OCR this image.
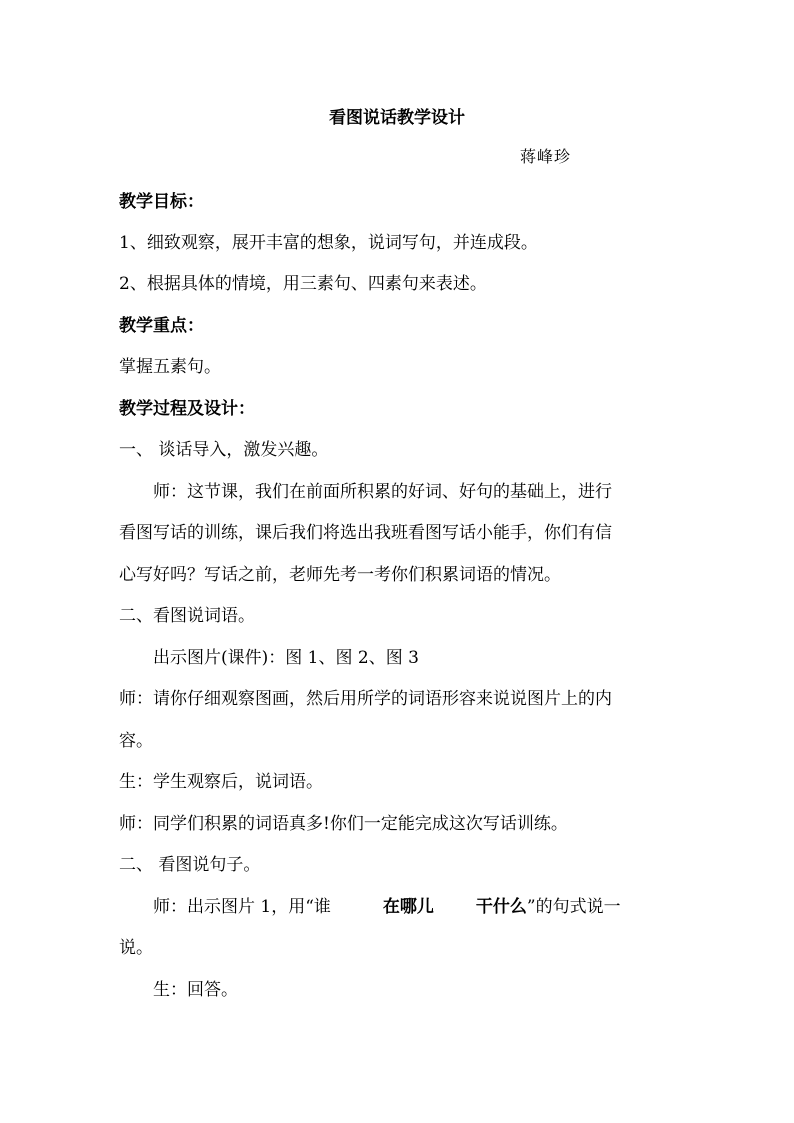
看图说话教学设计
蒋峰珍
教学目标：
1、细致观察，展开丰富的想象，说词写句，并连成段。
2、根据具体的情境，用三素句、四素句来表述。
教学重点：
掌握五素句。
教学过程及设计：
一、 谈话导入，激发兴趣。
师：这节课，我们在前面所积累的好词、好句的基础上，进行
看图写话的训练，课后我们将选出我班看图写话小能手，你们有信
心写好吗？写话之前，老师先考一考你们积累词语的情况。
二、看图说词语。
出示图片(课件)：图 1、图 2、图 3
师：请你仔细观察图画，然后用所学的词语形容来说说图片上的内
容。
生：学生观察后，说词语。
师：同学们积累的词语真多!你们一定能完成这次写话训练。
二、 看图说句子。
师：出示图片 1，用“谁	在哪儿 干什么”的句式说一
说。
生：回答。
